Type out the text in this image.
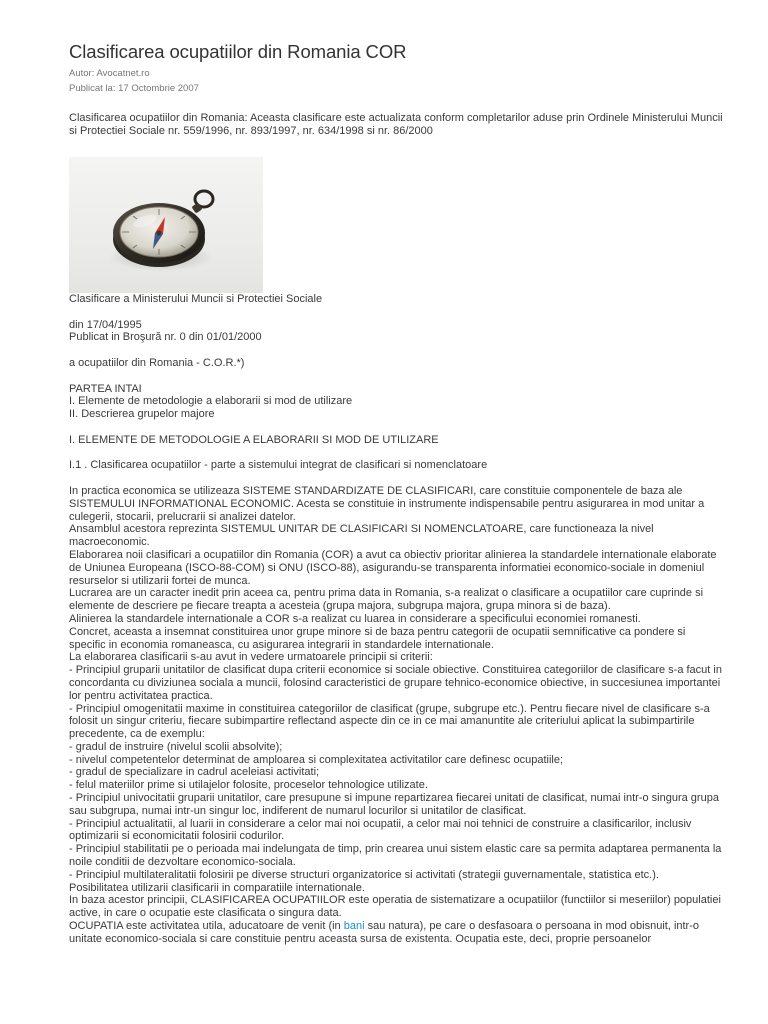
Clasificarea ocupatiilor din Romania COR
Autor: Avocatnet.ro
Publicat la: 17 Octombrie 2007
Clasificarea ocupatiilor din Romania: Aceasta clasificare este actualizata conform completarilor aduse prin Ordinele Ministerului Muncii si Protectiei Sociale nr. 559/1996, nr. 893/1997, nr. 634/1998 si nr. 86/2000

Clasificare a Ministerului Muncii si Protectiei Sociale

din 17/04/1995

Publicat in Broşură nr. 0 din 01/01/2000

a ocupatiilor din Romania - C.O.R.*)

PARTEA INTAI

I. Elemente de metodologie a elaborarii si mod de utilizare

II. Descrierea grupelor majore

I. ELEMENTE DE METODOLOGIE A ELABORARII SI MOD DE UTILIZARE

I.1 . Clasificarea ocupatiilor - parte a sistemului integrat de clasificari si nomenclatoare

In practica economica se utilizeaza SISTEME STANDARDIZATE DE CLASIFICARI, care constituie componentele de baza ale SISTEMULUI INFORMATIONAL ECONOMIC. Acesta se constituie in instrumente indispensabile pentru asigurarea in mod unitar a culegerii, stocarii, prelucrarii si analizei datelor.

Ansamblul acestora reprezinta SISTEMUL UNITAR DE CLASIFICARI SI NOMENCLATOARE, care functioneaza la nivel macroeconomic.

Elaborarea noii clasificari a ocupatiilor din Romania (COR) a avut ca obiectiv prioritar alinierea la standardele internationale elaborate de Uniunea Europeana (ISCO-88-COM) si ONU (ISCO-88), asigurandu-se transparenta informatiei economico-sociale in domeniul resurselor si utilizarii fortei de munca.

Lucrarea are un caracter inedit prin aceea ca, pentru prima data in Romania, s-a realizat o clasificare a ocupatiilor care cuprinde si elemente de descriere pe fiecare treapta a acesteia (grupa majora, subgrupa majora, grupa minora si de baza).

Alinierea la standardele internationale a COR s-a realizat cu luarea in considerare a specificului economiei romanesti.

Concret, aceasta a insemnat constituirea unor grupe minore si de baza pentru categorii de ocupatii semnificative ca pondere si specific in economia romaneasca, cu asigurarea integrarii in standardele internationale.

La elaborarea clasificarii s-au avut in vedere urmatoarele principii si criterii:

- Principiul gruparii unitatilor de clasificat dupa criterii economice si sociale obiective. Constituirea categoriilor de clasificare s-a facut in concordanta cu diviziunea sociala a muncii, folosind caracteristici de grupare tehnico-economice obiective, in succesiunea importantei lor pentru activitatea practica.

- Principiul omogenitatii maxime in constituirea categoriilor de clasificat (grupe, subgrupe etc.). Pentru fiecare nivel de clasificare s-a folosit un singur criteriu, fiecare subimpartire reflectand aspecte din ce in ce mai amanuntite ale criteriului aplicat la subimpartirile precedente, ca de exemplu:

- gradul de instruire (nivelul scolii absolvite);

- nivelul competentelor determinat de amploarea si complexitatea activitatilor care definesc ocupatiile;

- gradul de specializare in cadrul aceleiasi activitati;

- felul materiilor prime si utilajelor folosite, proceselor tehnologice utilizate.

- Principiul univocitatii gruparii unitatilor, care presupune si impune repartizarea fiecarei unitati de clasificat, numai intr-o singura grupa sau subgrupa, numai intr-un singur loc, indiferent de numarul locurilor si unitatilor de clasificat.

- Principiul actualitatii, al luarii in considerare a celor mai noi ocupatii, a celor mai noi tehnici de construire a clasificarilor, inclusiv optimizarii si economicitatii folosirii codurilor.

- Principiul stabilitatii pe o perioada mai indelungata de timp, prin crearea unui sistem elastic care sa permita adaptarea permanenta la noile conditii de dezvoltare economico-sociala.

- Principiul multilateralitatii folosirii pe diverse structuri organizatorice si activitati (strategii guvernamentale, statistica etc.).

Posibilitatea utilizarii clasificarii in comparatiile internationale.

In baza acestor principii, CLASIFICAREA OCUPATIILOR este operatia de sistematizare a ocupatiilor (functiilor si meseriilor) populatiei active, in care o ocupatie este clasificata o singura data.

OCUPATIA este activitatea utila, aducatoare de venit (in bani sau natura), pe care o desfasoara o persoana in mod obisnuit, intr-o unitate economico-sociala si care constituie pentru aceasta sursa de existenta. Ocupatia este, deci, proprie persoanelor
